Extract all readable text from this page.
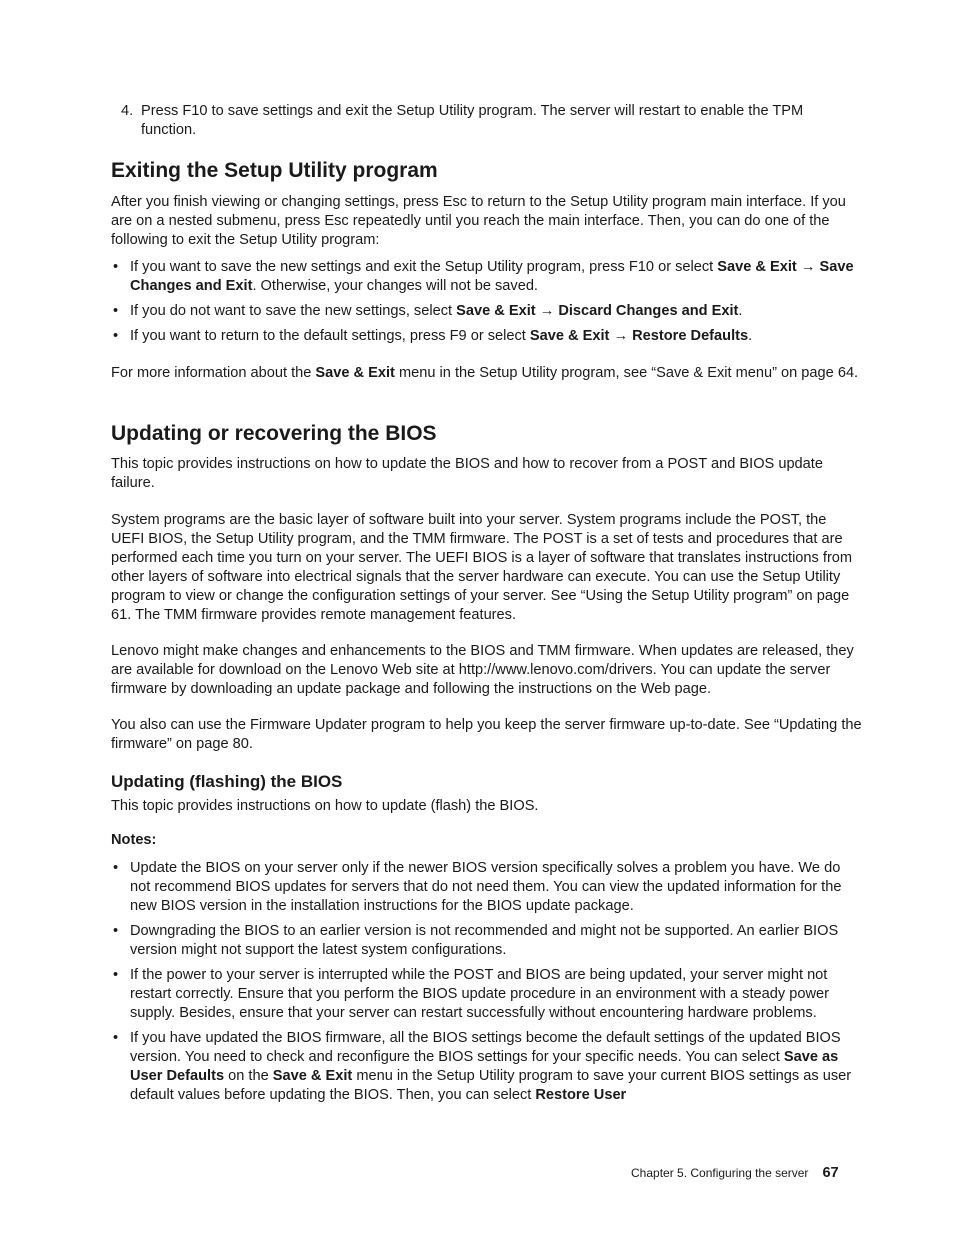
4. Press F10 to save settings and exit the Setup Utility program. The server will restart to enable the TPM function.
Exiting the Setup Utility program

After you finish viewing or changing settings, press Esc to return to the Setup Utility program main interface. If you are on a nested submenu, press Esc repeatedly until you reach the main interface. Then, you can do one of the following to exit the Setup Utility program:

• If you want to save the new settings and exit the Setup Utility program, press F10 or select Save & Exit → Save Changes and Exit. Otherwise, your changes will not be saved.
• If you do not want to save the new settings, select Save & Exit → Discard Changes and Exit.
• If you want to return to the default settings, press F9 or select Save & Exit → Restore Defaults.

For more information about the Save & Exit menu in the Setup Utility program, see “Save & Exit menu” on page 64.

Updating or recovering the BIOS

This topic provides instructions on how to update the BIOS and how to recover from a POST and BIOS update failure.

System programs are the basic layer of software built into your server. System programs include the POST, the UEFI BIOS, the Setup Utility program, and the TMM firmware. The POST is a set of tests and procedures that are performed each time you turn on your server. The UEFI BIOS is a layer of software that translates instructions from other layers of software into electrical signals that the server hardware can execute. You can use the Setup Utility program to view or change the configuration settings of your server. See “Using the Setup Utility program” on page 61. The TMM firmware provides remote management features.

Lenovo might make changes and enhancements to the BIOS and TMM firmware. When updates are released, they are available for download on the Lenovo Web site at http://www.lenovo.com/drivers. You can update the server firmware by downloading an update package and following the instructions on the Web page.

You also can use the Firmware Updater program to help you keep the server firmware up-to-date. See “Updating the firmware” on page 80.

Updating (flashing) the BIOS

This topic provides instructions on how to update (flash) the BIOS.

Notes:

• Update the BIOS on your server only if the newer BIOS version specifically solves a problem you have. We do not recommend BIOS updates for servers that do not need them. You can view the updated information for the new BIOS version in the installation instructions for the BIOS update package.
• Downgrading the BIOS to an earlier version is not recommended and might not be supported. An earlier BIOS version might not support the latest system configurations.
• If the power to your server is interrupted while the POST and BIOS are being updated, your server might not restart correctly. Ensure that you perform the BIOS update procedure in an environment with a steady power supply. Besides, ensure that your server can restart successfully without encountering hardware problems.
• If you have updated the BIOS firmware, all the BIOS settings become the default settings of the updated BIOS version. You need to check and reconfigure the BIOS settings for your specific needs. You can select Save as User Defaults on the Save & Exit menu in the Setup Utility program to save your current BIOS settings as user default values before updating the BIOS. Then, you can select Restore User
Chapter 5. Configuring the server 67
